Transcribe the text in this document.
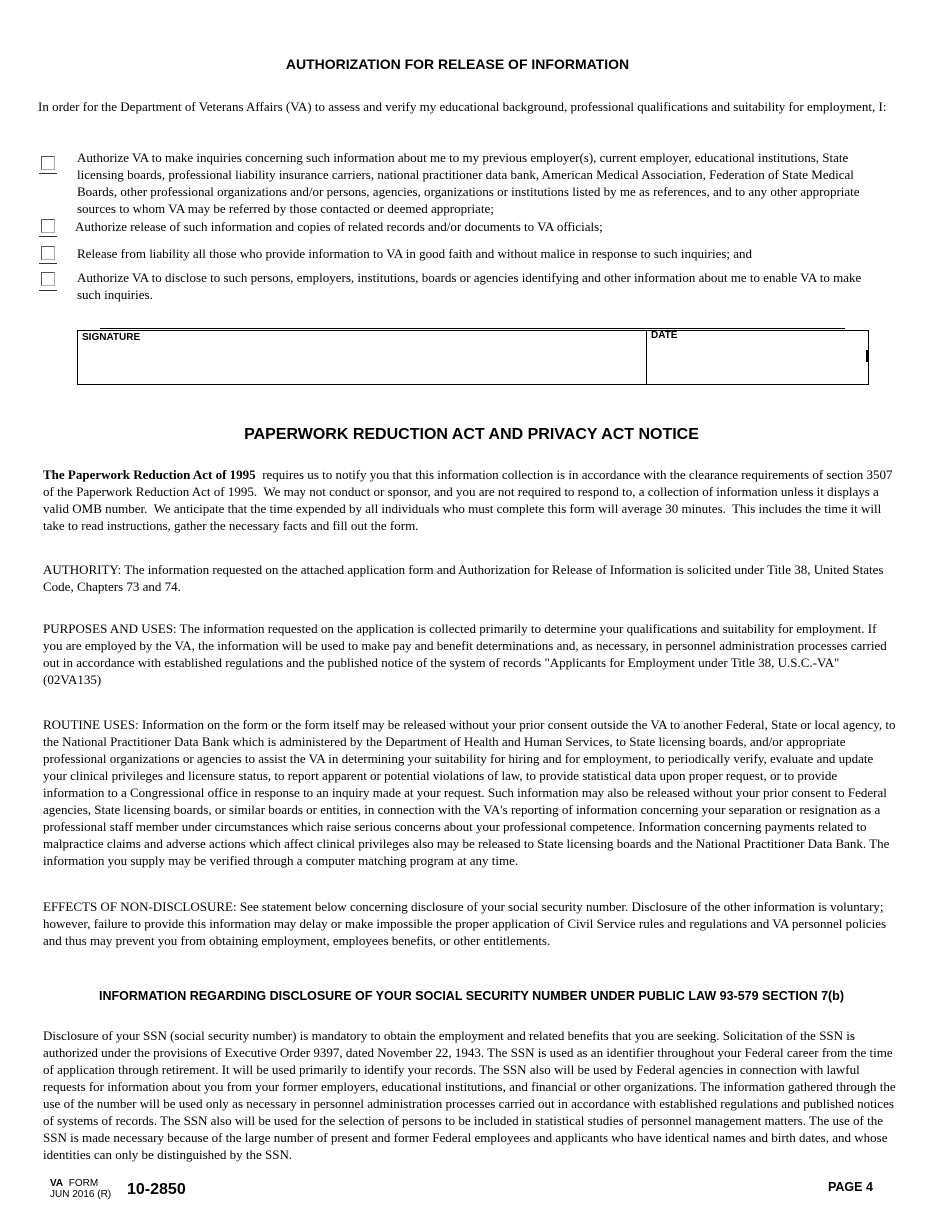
AUTHORIZATION FOR RELEASE OF INFORMATION
In order for the Department of Veterans Affairs (VA) to assess and verify my educational background, professional qualifications and suitability for employment, I:
Authorize VA to make inquiries concerning such information about me to my previous employer(s), current employer, educational institutions, State licensing boards, professional liability insurance carriers, national practitioner data bank, American Medical Association, Federation of State Medical Boards, other professional organizations and/or persons, agencies, organizations or institutions listed by me as references, and to any other appropriate sources to whom VA may be referred by those contacted or deemed appropriate;
Authorize release of such information and copies of related records and/or documents to VA officials;
Release from liability all those who provide information to VA in good faith and without malice in response to such inquiries; and
Authorize VA to disclose to such persons, employers, institutions, boards or agencies identifying and other information about me to enable VA to make such inquiries.
SIGNATURE	DATE
PAPERWORK REDUCTION ACT AND PRIVACY ACT NOTICE
The Paperwork Reduction Act of 1995  requires us to notify you that this information collection is in accordance with the clearance requirements of section 3507 of the Paperwork Reduction Act of 1995.  We may not conduct or sponsor, and you are not required to respond to, a collection of information unless it displays a valid OMB number.  We anticipate that the time expended by all individuals who must complete this form will average 30 minutes.  This includes the time it will take to read instructions, gather the necessary facts and fill out the form.
AUTHORITY: The information requested on the attached application form and Authorization for Release of Information is solicited under Title 38, United States Code, Chapters 73 and 74.
PURPOSES AND USES: The information requested on the application is collected primarily to determine your qualifications and suitability for employment. If you are employed by the VA, the information will be used to make pay and benefit determinations and, as necessary, in personnel administration processes carried out in accordance with established regulations and the published notice of the system of records "Applicants for Employment under Title 38, U.S.C.-VA" (02VA135)
ROUTINE USES: Information on the form or the form itself may be released without your prior consent outside the VA to another Federal, State or local agency, to the National Practitioner Data Bank which is administered by the Department of Health and Human Services, to State licensing boards, and/or appropriate professional organizations or agencies to assist the VA in determining your suitability for hiring and for employment, to periodically verify, evaluate and update your clinical privileges and licensure status, to report apparent or potential violations of law, to provide statistical data upon proper request, or to provide information to a Congressional office in response to an inquiry made at your request. Such information may also be released without your prior consent to Federal agencies, State licensing boards, or similar boards or entities, in connection with the VA's reporting of information concerning your separation or resignation as a professional staff member under circumstances which raise serious concerns about your professional competence. Information concerning payments related to malpractice claims and adverse actions which affect clinical privileges also may be released to State licensing boards and the National Practitioner Data Bank. The information you supply may be verified through a computer matching program at any time.
EFFECTS OF NON-DISCLOSURE: See statement below concerning disclosure of your social security number. Disclosure of the other information is voluntary; however, failure to provide this information may delay or make impossible the proper application of Civil Service rules and regulations and VA personnel policies and thus may prevent you from obtaining employment, employees benefits, or other entitlements.
INFORMATION REGARDING DISCLOSURE OF YOUR SOCIAL SECURITY NUMBER UNDER PUBLIC LAW 93-579 SECTION 7(b)
Disclosure of your SSN (social security number) is mandatory to obtain the employment and related benefits that you are seeking. Solicitation of the SSN is authorized under the provisions of Executive Order 9397, dated November 22, 1943. The SSN is used as an identifier throughout your Federal career from the time of application through retirement. It will be used primarily to identify your records. The SSN also will be used by Federal agencies in connection with lawful requests for information about you from your former employers, educational institutions, and financial or other organizations. The information gathered through the use of the number will be used only as necessary in personnel administration processes carried out in accordance with established regulations and published notices of systems of records. The SSN also will be used for the selection of persons to be included in statistical studies of personnel management matters. The use of the SSN is made necessary because of the large number of present and former Federal employees and applicants who have identical names and birth dates, and whose identities can only be distinguished by the SSN.
VA FORM
JUN 2016 (R) 10-2850	PAGE 4
